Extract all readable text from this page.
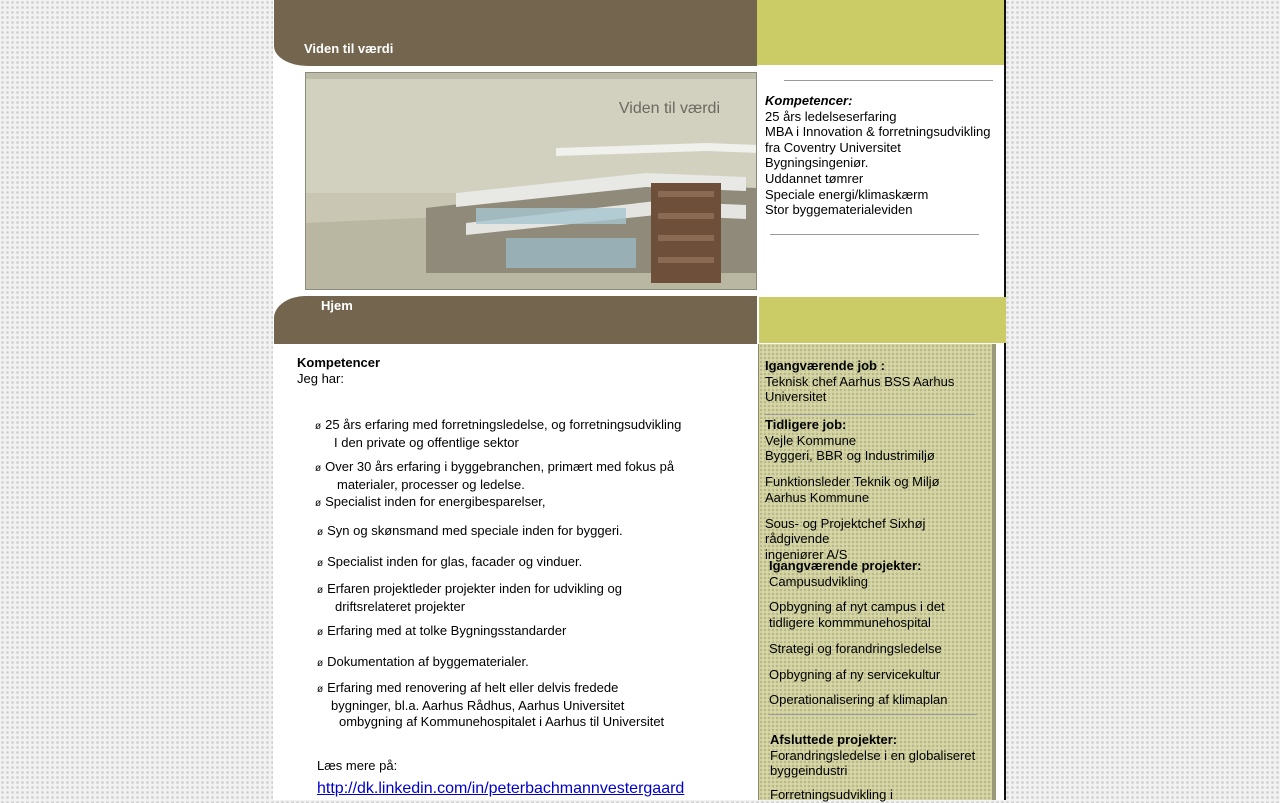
Viden til værdi
Viden til værdi	Kompetencer:
25 års ledelseserfaring
MBA i Innovation & forretningsudvikling
fra Coventry Universitet
Bygningsingeniør.
Uddannet tømrer
Speciale energi/klimaskærm
Stor byggematerialeviden
Hjem
Kompetencer
Jeg har:
ø 25 års erfaring med forretningsledelse, og forretningsudvikling
I den private og offentlige sektor
ø Over 30 års erfaring i byggebranchen, primært med fokus på
materialer, processer og ledelse.
ø Specialist inden for energibesparelser,
ø Syn og skønsmand med speciale inden for byggeri.
ø Specialist inden for glas, facader og vinduer.
ø Erfaren projektleder projekter inden for udvikling og
driftsrelateret projekter
ø Erfaring med at tolke Bygningsstandarder
ø Dokumentation af byggematerialer.
ø Erfaring med renovering af helt eller delvis fredede
bygninger, bl.a. Aarhus Rådhus, Aarhus Universitet
ombygning af Kommunehospitalet i Aarhus til Universitet
Læs mere på:
http://dk.linkedin.com/in/peterbachmannvestergaard
Igangværende job :
Teknisk chef Aarhus BSS Aarhus
Universitet
Tidligere job:
Vejle Kommune
Byggeri, BBR og Industrimiljø
Funktionsleder Teknik og Miljø
Aarhus Kommune
Sous- og Projektchef Sixhøj rådgivende
ingeniører A/S
Igangværende projekter:
Campusudvikling
Opbygning af nyt campus i det
tidligere kommmunehospital
Strategi og forandringsledelse
Opbygning af ny servicekultur
Operationalisering af klimaplan
Afsluttede projekter:
Forandringsledelse i en globaliseret
byggeindustri
Forretningsudvikling i
